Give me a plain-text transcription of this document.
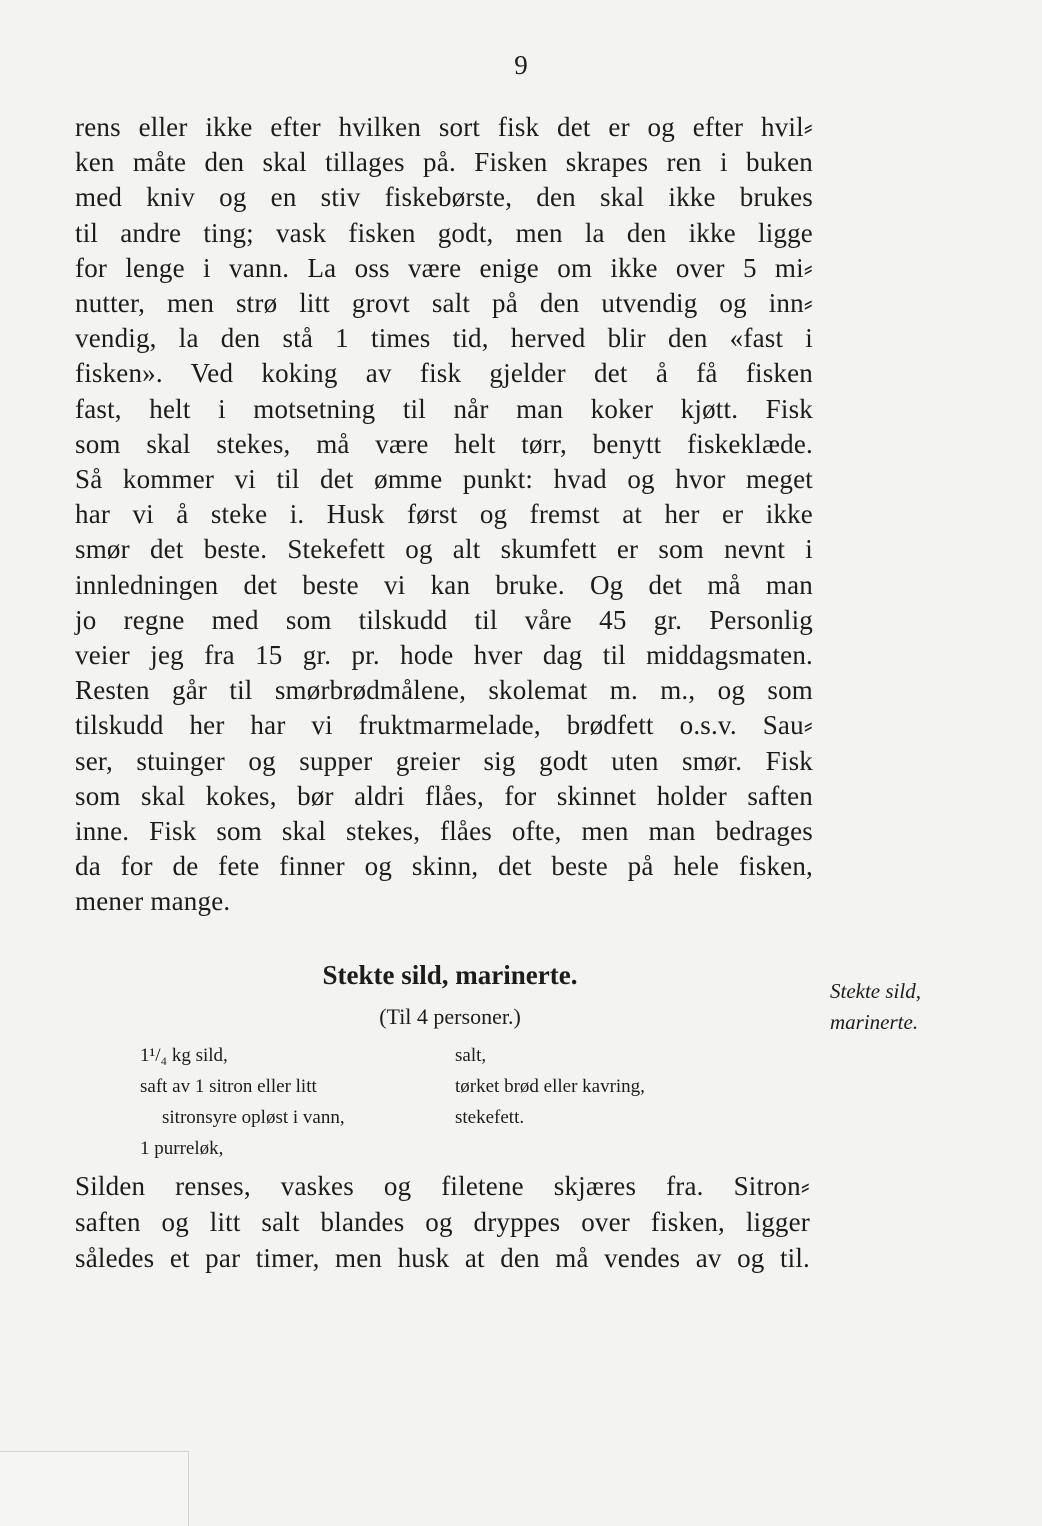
9
rens eller ikke efter hvilken sort fisk det er og efter hvil⸗
ken måte den skal tillages på. Fisken skrapes ren i buken
med kniv og en stiv fiskebørste, den skal ikke brukes
til andre ting; vask fisken godt, men la den ikke ligge
for lenge i vann. La oss være enige om ikke over 5 mi⸗
nutter, men strø litt grovt salt på den utvendig og inn⸗
vendig, la den stå 1 times tid, herved blir den «fast i
fisken». Ved koking av fisk gjelder det å få fisken
fast, helt i motsetning til når man koker kjøtt. Fisk
som skal stekes, må være helt tørr, benytt fiskeklæde.
Så kommer vi til det ømme punkt: hvad og hvor meget
har vi å steke i. Husk først og fremst at her er ikke
smør det beste. Stekefett og alt skumfett er som nevnt i
innledningen det beste vi kan bruke. Og det må man
jo regne med som tilskudd til våre 45 gr. Personlig
veier jeg fra 15 gr. pr. hode hver dag til middagsmaten.
Resten går til smørbrødmålene, skolemat m. m., og som
tilskudd her har vi fruktmarmelade, brødfett o.s.v. Sau⸗
ser, stuinger og supper greier sig godt uten smør. Fisk
som skal kokes, bør aldri flåes, for skinnet holder saften
inne. Fisk som skal stekes, flåes ofte, men man bedrages
da for de fete finner og skinn, det beste på hele fisken,
mener mange.
Stekte sild, marinerte.
(Til 4 personer.)
Stekte sild,
marinerte.
1¹/₄ kg sild,
saft av 1 sitron eller litt
sitronsyre opløst i vann,
1 purreløk,
salt,
tørket brød eller kavring,
stekefett.
Silden renses, vaskes og filetene skjæres fra. Sitron⸗
saften og litt salt blandes og dryppes over fisken, ligger
således et par timer, men husk at den må vendes av og til.
